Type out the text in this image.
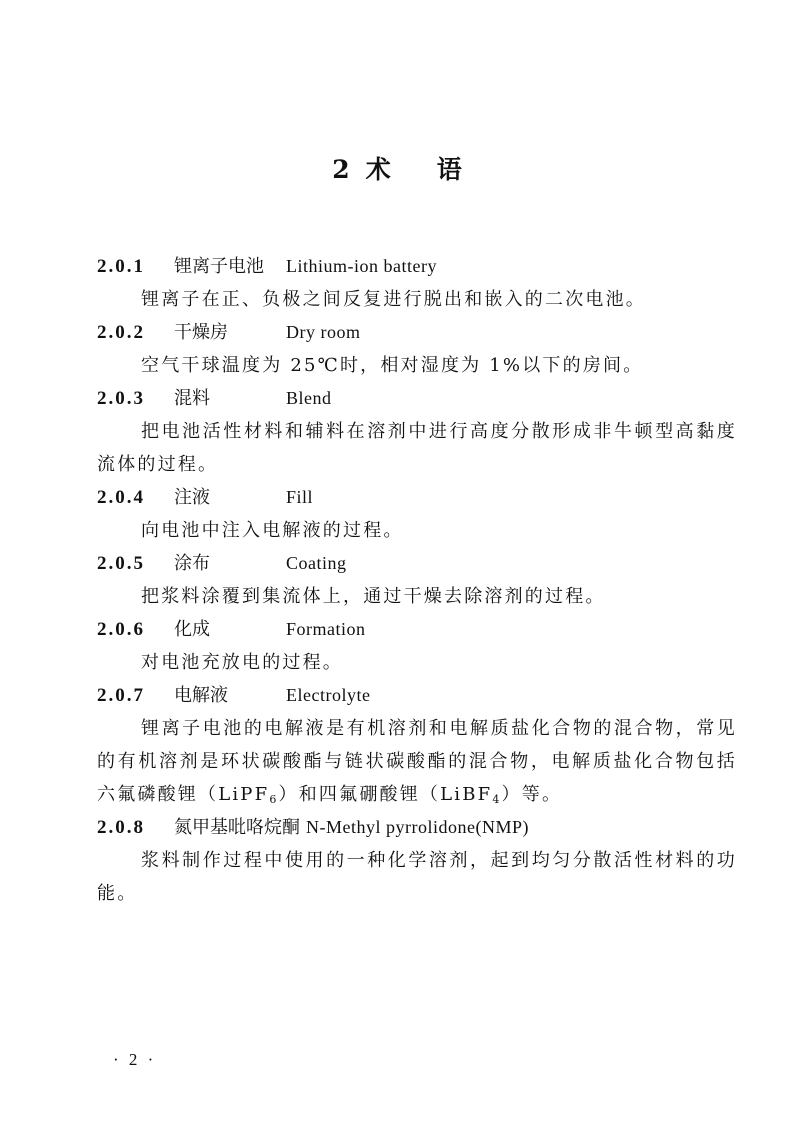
2 术 语
2.0.1 锂离子电池 Lithium-ion battery

锂离子在正、负极之间反复进行脱出和嵌入的二次电池。

2.0.2 干燥房	Dry room

空气干球温度为 25℃时，相对湿度为 1%以下的房间。

2.0.3 混料	Blend

把电池活性材料和辅料在溶剂中进行高度分散形成非牛顿型高黏度流体的过程。

2.0.4 注液	Fill

向电池中注入电解液的过程。

2.0.5 涂布	Coating

把浆料涂覆到集流体上，通过干燥去除溶剂的过程。

2.0.6 化成	Formation

对电池充放电的过程。

2.0.7 电解液	Electrolyte

锂离子电池的电解液是有机溶剂和电解质盐化合物的混合物，常见的有机溶剂是环状碳酸酯与链状碳酸酯的混合物，电解质盐化合物包括六氟磷酸锂（LiPF$_6$）和四氟硼酸锂（LiBF$_4$）等。

2.0.8 氮甲基吡咯烷酮 N-Methyl pyrrolidone(NMP)

浆料制作过程中使用的一种化学溶剂，起到均匀分散活性材料的功能。

· 2 ·
